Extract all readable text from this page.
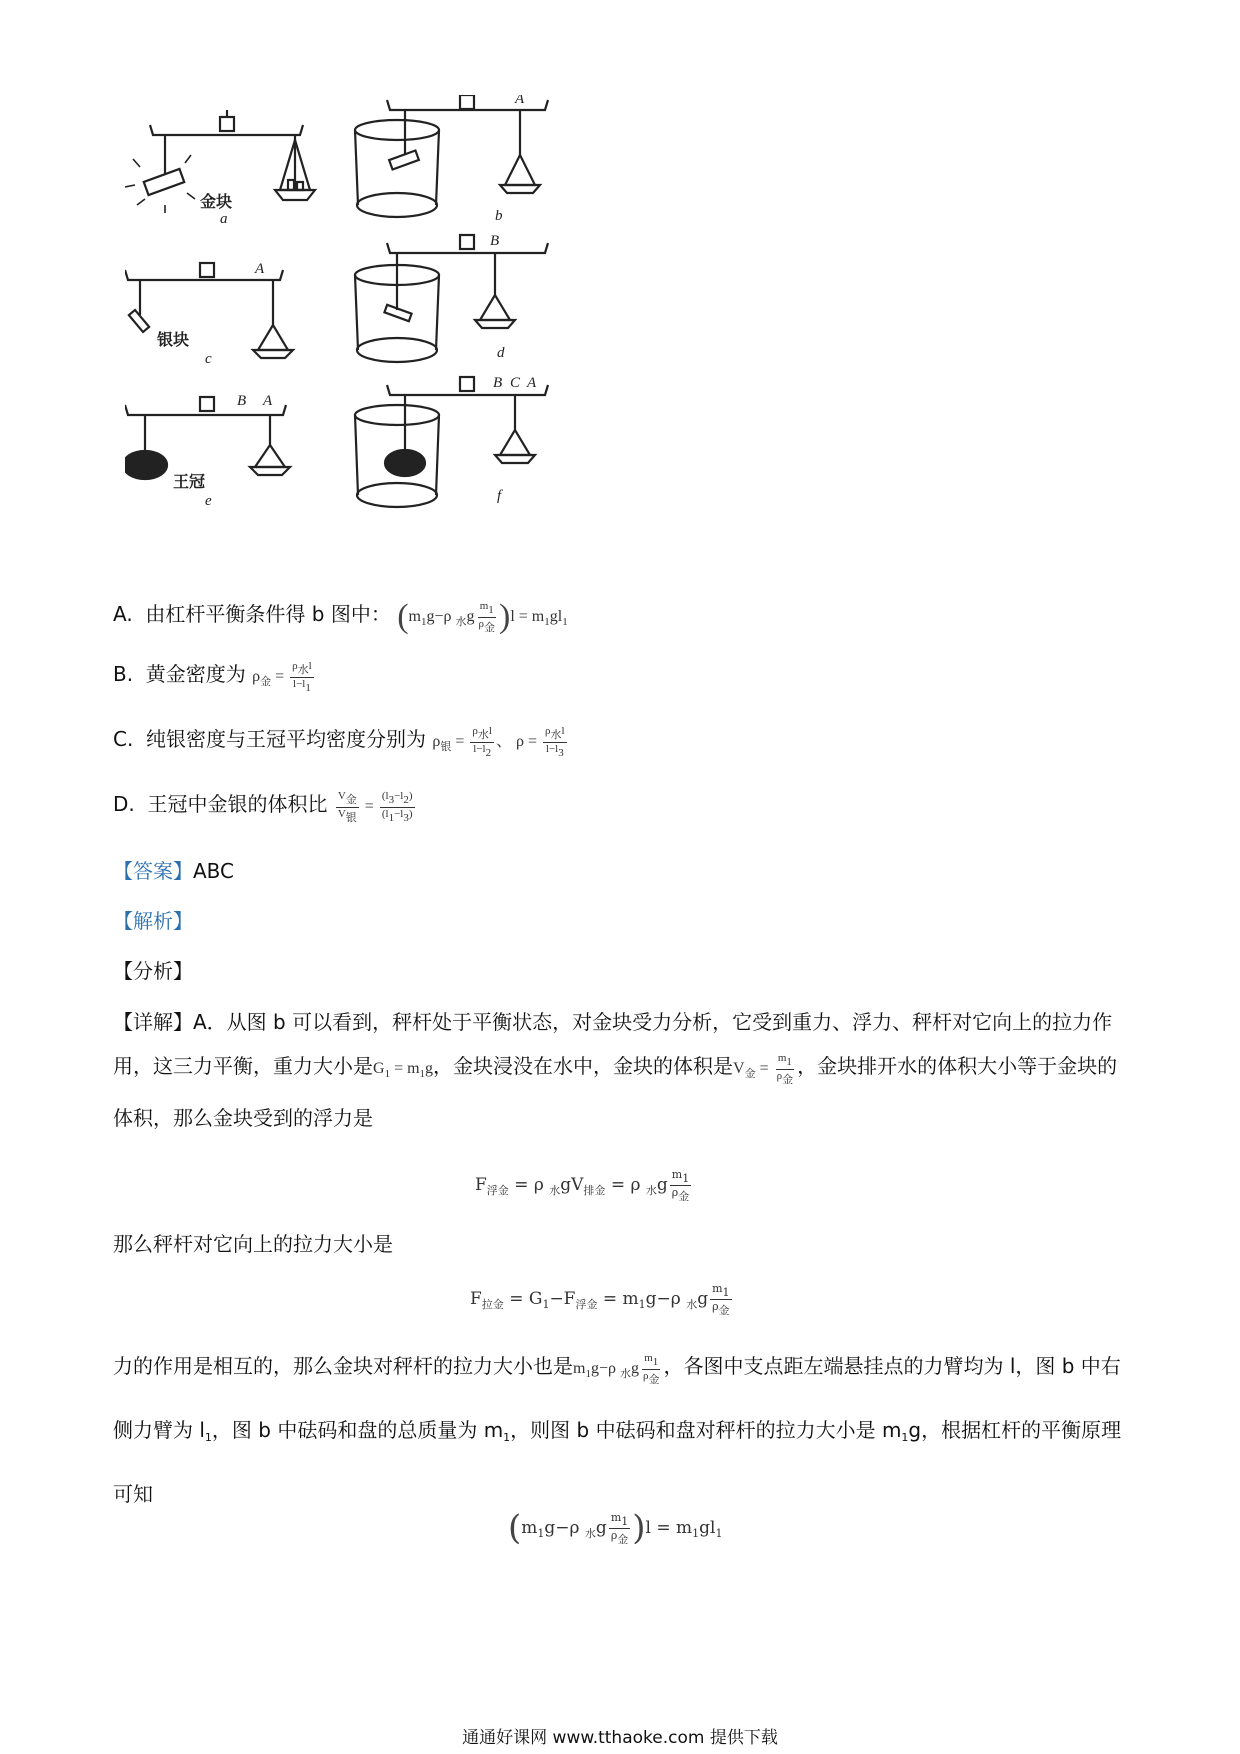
a	b
c	d
e	f
A
A
B
B A
B C A
金块
银块
王冠
A. 由杠杆平衡条件得 b 图中： ($m_1g-\rho$ $_水g \frac{m1}{\text{ρ金}} )l = m_1gl_1$
B. 黄金密度为 $\rho_金 = \frac{\text{ρ水l}}{l-l1}$
C. 纯银密度与王冠平均密度分别为 $\rho_银 = \frac{\text{ρ水l}}{l-l2}$ 、 $\rho = \frac{\text{ρ水l}}{l-l3}$
D. 王冠中金银的体积比 $\frac{\text{V金}}{\text{V银}} = \frac{(l3-l2)}{(l1-l3)}$
【答案】ABC
【解析】
【分析】
【详解】A．从图 b 可以看到，秤杆处于平衡状态，对金块受力分析，它受到重力、浮力、秤杆对它向上的拉力作用，这三力平衡，重力大小是$G_1 = m_1g$，金块浸没在水中，金块的体积是$V_金 = \frac{m1}{\text{ρ金}}$ ，金块排开水的体积大小等于金块的体积，那么金块受到的浮力是
$F_{浮金} = \rho$ $_水gV_{排金} = \rho$ $_水g \frac{m1}{\text{ρ金}}$
那么秤杆对它向上的拉力大小是
$F_{拉金} = G_1-F_{浮金} = m_1g-\rho$ $_水g \frac{m1}{\text{ρ金}}$
力的作用是相互的，那么金块对秤杆的拉力大小也是$m_1g-\rho$ $_水g \frac{m1}{\text{ρ金}}$ ，各图中支点距左端悬挂点的力臂均为 l，图 b 中右侧力臂为 $l_1$，图 b 中砝码和盘的总质量为 $m_1$，则图 b 中砝码和盘对秤杆的拉力大小是 $m_1g$，根据杠杆的平衡原理可知
($m_1g-\rho$ $_水g \frac{m1}{\text{ρ金}} )l = m_1gl_1$
通通好课网 www.tthaoke.com 提供下载
